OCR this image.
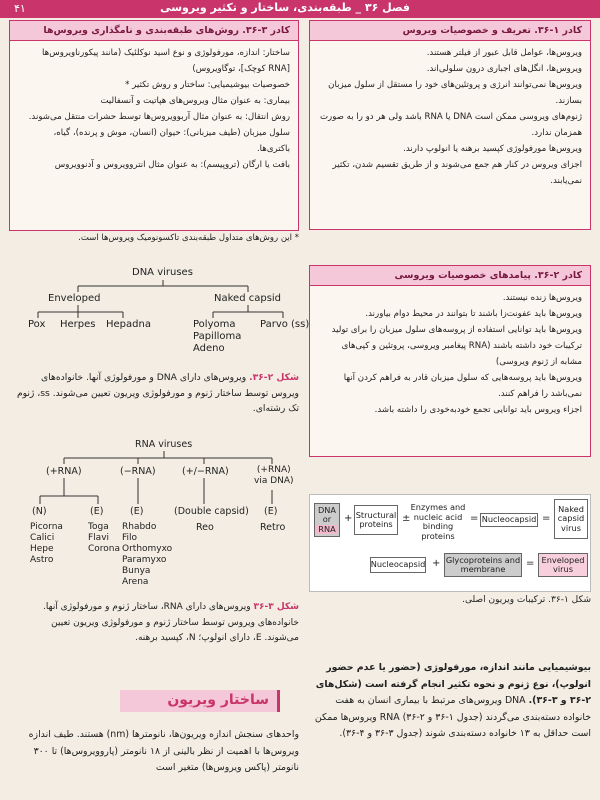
۴۱	فصل ۳۶ _ طبقه‌بندی، ساختار و تکثیر ویروسی
کادر ۱-۳۶. تعریف و خصوصیات ویروس

ویروس‌ها، عوامل قابل عبور از فیلتر هستند.

ویروس‌ها، انگل‌های اجباری درون سلولی‌اند.

ویروس‌ها نمی‌توانند انرژی و پروتئین‌های خود را مستقل از سلول میزبان بسازند.

ژنوم‌های ویروسی ممکن است DNA یا RNA باشد ولی هر دو را به صورت همزمان ندارد.

ویروس‌ها مورفولوژی کپسید برهنه یا انولوپ دارند.

اجزای ویروس در کنار هم جمع می‌شوند و از طریق تقسیم شدن، تکثیر نمی‌یابند.

کادر ۳-۳۶. روش‌های طبقه‌بندی و نامگذاری ویروس‌ها

ساختار: اندازه، مورفولوژی و نوع اسید نوکلئیک (مانند پیکورناویروس‌ها [RNA کوچک]، توگاویروس)

خصوصیات بیوشیمیایی: ساختار و روش تکثیر *

بیماری: به عنوان مثال ویروس‌های هپاتیت و آنسفالیت

روش انتقال: به عنوان مثال آربوویروس‌ها توسط حشرات منتقل می‌شوند.

سلول میزبان (طیف میزبانی): حیوان (انسان، موش و پرنده)، گیاه، باکتری‌ها.

بافت یا ارگان (تروپیسم): به عنوان مثال انتروویروس و آدنوویروس

* این روش‌های متداول طبقه‌بندی تاکسونومیک ویروس‌ها است.
کادر ۲-۳۶. پیامدهای خصوصیات ویروسی

ویروس‌ها زنده نیستند.

ویروس‌ها باید عفونت‌زا باشند تا بتوانند در محیط دوام بیاورند.

ویروس‌ها باید توانایی استفاده از پروسه‌های سلول میزبان را برای تولید ترکیبات خود داشته باشند (RNA پیغامبر ویروسی، پروتئین و کپی‌های مشابه از ژنوم ویروسی)

ویروس‌ها باید پروسه‌هایی که سلول میزبان قادر به فراهم کردن آنها نمی‌باشد را فراهم کنند.

اجزاء ویروس باید توانایی تجمع خودبه‌خودی را داشته باشد.

DNA viruses
Enveloped	Naked capsid
Pox Herpes Hepadna	Polyoma
Papilloma
Adeno
Parvo (ss)
شکل ۲-۳۶. ویروس‌های دارای DNA و مورفولوژی آنها. خانواده‌های ویروس توسط ساختار ژنوم و مورفولوژی ویریون تعیین می‌شوند. ss، ژنوم تک رشته‌ای.
RNA viruses
(+RNA)	(−RNA)	(+/−RNA)	(+RNA)
via DNA)
(N)	(E)	(E)	(Double capsid) (E)
Picorna
Calici
Hepe
Astro
Toga
Flavi
Corona
Rhabdo
Filo
Orthomyxo
Paramyxo
Bunya
Arena
Reo	Retro
شکل ۳-۳۶ ویروس‌های دارای RNA، ساختار ژنوم و مورفولوژی آنها. خانواده‌های ویروس توسط ساختار ژنوم و مورفولوژی ویریون تعیین می‌شوند. E، دارای انولوپ؛ N، کپسید برهنه.
DNA
or
RNA
+ Structural proteins ±
Enzymes and nucleic acid binding proteins
= Nucleocapsid =
Naked capsid virus
Nucleocapsid + Glycoproteins and membrane	= Enveloped virus
شکل ۱-۳۶. ترکیبات ویریون اصلی.
بیوشیمیایی مانند اندازه، مورفولوژی (حضور یا عدم حضور انولوپ)، نوع ژنوم و نحوه تکثیر انجام گرفته است (شکل‌های ۲-۳۶ و ۳-۳۶). DNA ویروس‌های مرتبط با بیماری انسان به هفت خانواده دسته‌بندی می‌گردند (جدول ۱-۳۶ و ۲-۳۶) RNA ویروس‌ها ممکن است حداقل به ۱۳ خانواده دسته‌بندی شوند (جدول ۳-۳۶ و ۴-۳۶).
ساختار ویریون
واحدهای سنجش اندازه ویریون‌ها، نانومترها (nm) هستند. طیف اندازه ویروس‌ها با اهمیت از نظر بالینی از ۱۸ نانومتر (پاروویروس‌ها) تا ۳۰۰ نانومتر (پاکس ویروس‌ها) متغیر است
